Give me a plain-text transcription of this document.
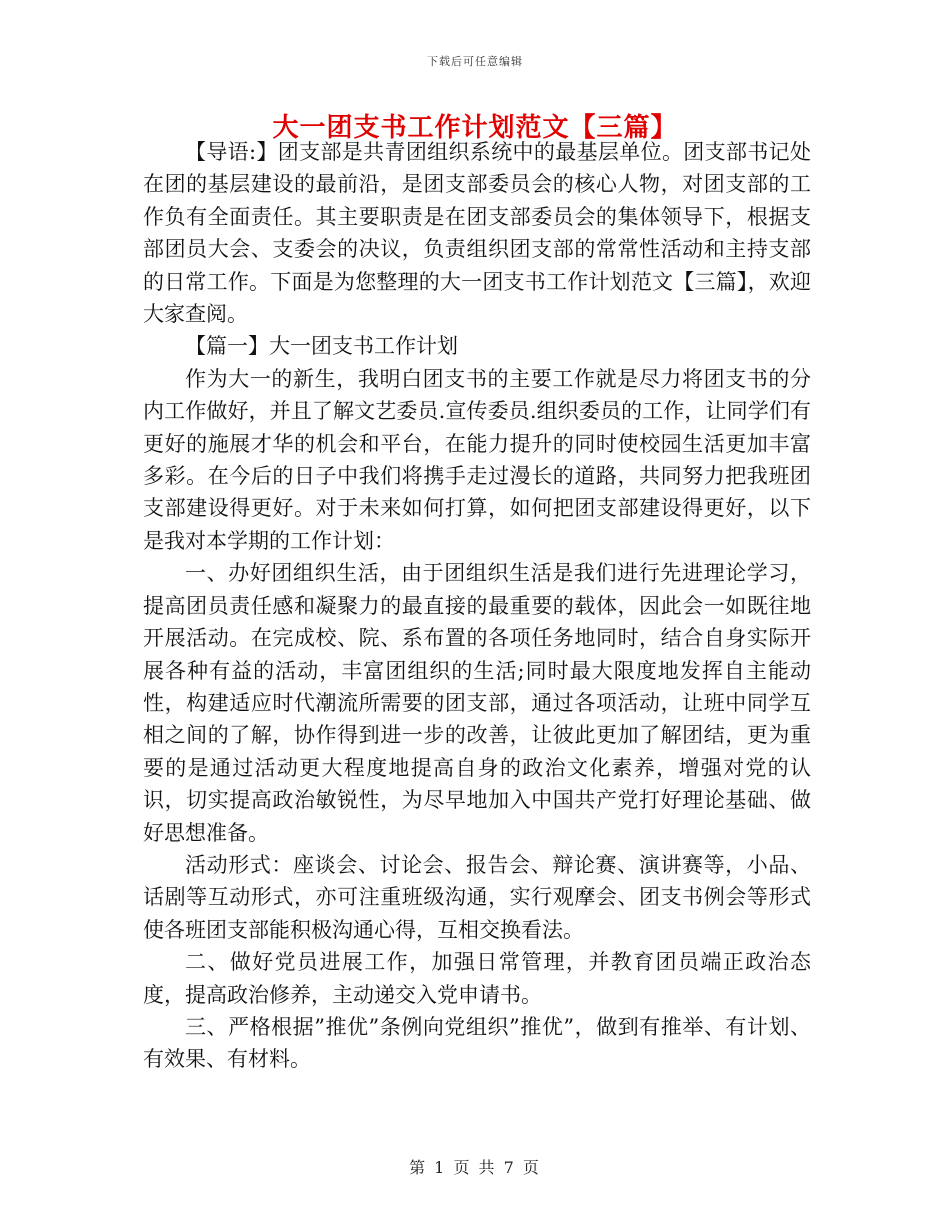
下载后可任意编辑
大一团支书工作计划范文【三篇】

【导语:】团支部是共青团组织系统中的最基层单位。团支部书记处在团的基层建设的最前沿，是团支部委员会的核心人物，对团支部的工作负有全面责任。其主要职责是在团支部委员会的集体领导下，根据支部团员大会、支委会的决议，负责组织团支部的常常性活动和主持支部的日常工作。下面是为您整理的大一团支书工作计划范文【三篇】，欢迎大家查阅。

【篇一】大一团支书工作计划

作为大一的新生，我明白团支书的主要工作就是尽力将团支书的分内工作做好，并且了解文艺委员.宣传委员.组织委员的工作，让同学们有更好的施展才华的机会和平台，在能力提升的同时使校园生活更加丰富多彩。在今后的日子中我们将携手走过漫长的道路，共同努力把我班团支部建设得更好。对于未来如何打算，如何把团支部建设得更好，以下是我对本学期的工作计划：

一、办好团组织生活，由于团组织生活是我们进行先进理论学习，提高团员责任感和凝聚力的最直接的最重要的载体，因此会一如既往地开展活动。在完成校、院、系布置的各项任务地同时，结合自身实际开展各种有益的活动，丰富团组织的生活;同时最大限度地发挥自主能动性，构建适应时代潮流所需要的团支部，通过各项活动，让班中同学互相之间的了解，协作得到进一步的改善，让彼此更加了解团结，更为重要的是通过活动更大程度地提高自身的政治文化素养，增强对党的认识，切实提高政治敏锐性，为尽早地加入中国共产党打好理论基础、做好思想准备。

活动形式：座谈会、讨论会、报告会、辩论赛、演讲赛等，小品、话剧等互动形式，亦可注重班级沟通，实行观摩会、团支书例会等形式使各班团支部能积极沟通心得，互相交换看法。

二、做好党员进展工作，加强日常管理，并教育团员端正政治态度，提高政治修养，主动递交入党申请书。

三、严格根据”推优”条例向党组织”推优”，做到有推举、有计划、有效果、有材料。

第 1 页 共 7 页
